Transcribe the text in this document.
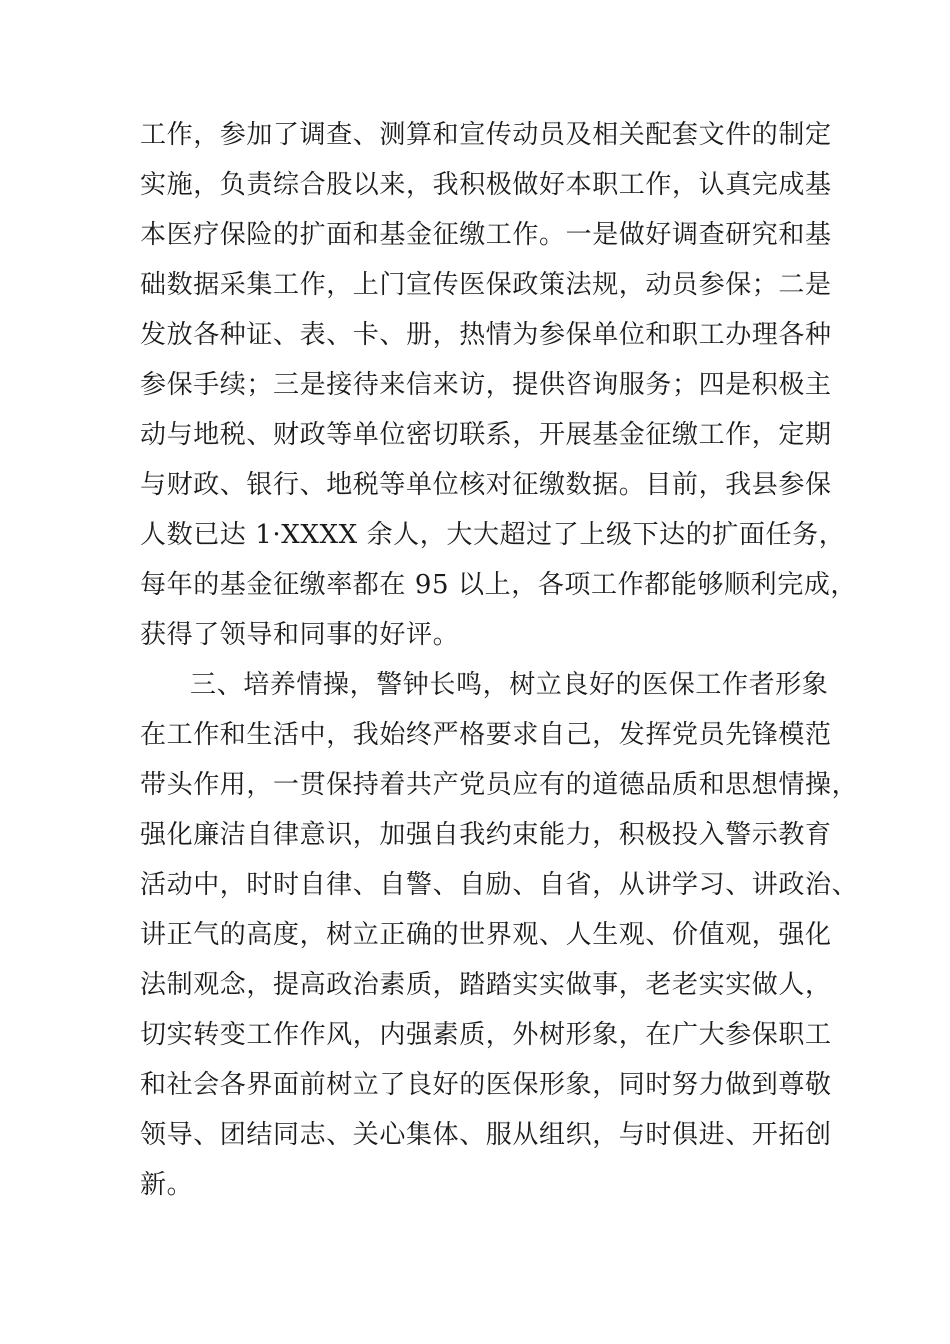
工作，参加了调查、测算和宣传动员及相关配套文件的制定
实施，负责综合股以来，我积极做好本职工作，认真完成基
本医疗保险的扩面和基金征缴工作。一是做好调查研究和基
础数据采集工作，上门宣传医保政策法规，动员参保；二是
发放各种证、表、卡、册，热情为参保单位和职工办理各种
参保手续；三是接待来信来访，提供咨询服务；四是积极主
动与地税、财政等单位密切联系，开展基金征缴工作，定期
与财政、银行、地税等单位核对征缴数据。目前，我县参保
人数已达 1·XXXX 余人，大大超过了上级下达的扩面任务，
每年的基金征缴率都在 95 以上，各项工作都能够顺利完成，
获得了领导和同事的好评。
三、培养情操，警钟长鸣，树立良好的医保工作者形象
在工作和生活中，我始终严格要求自己，发挥党员先锋模范
带头作用，一贯保持着共产党员应有的道德品质和思想情操，
强化廉洁自律意识，加强自我约束能力，积极投入警示教育
活动中，时时自律、自警、自励、自省，从讲学习、讲政治、
讲正气的高度，树立正确的世界观、人生观、价值观，强化
法制观念，提高政治素质，踏踏实实做事，老老实实做人，
切实转变工作作风，内强素质，外树形象，在广大参保职工
和社会各界面前树立了良好的医保形象，同时努力做到尊敬
领导、团结同志、关心集体、服从组织，与时俱进、开拓创
新。
